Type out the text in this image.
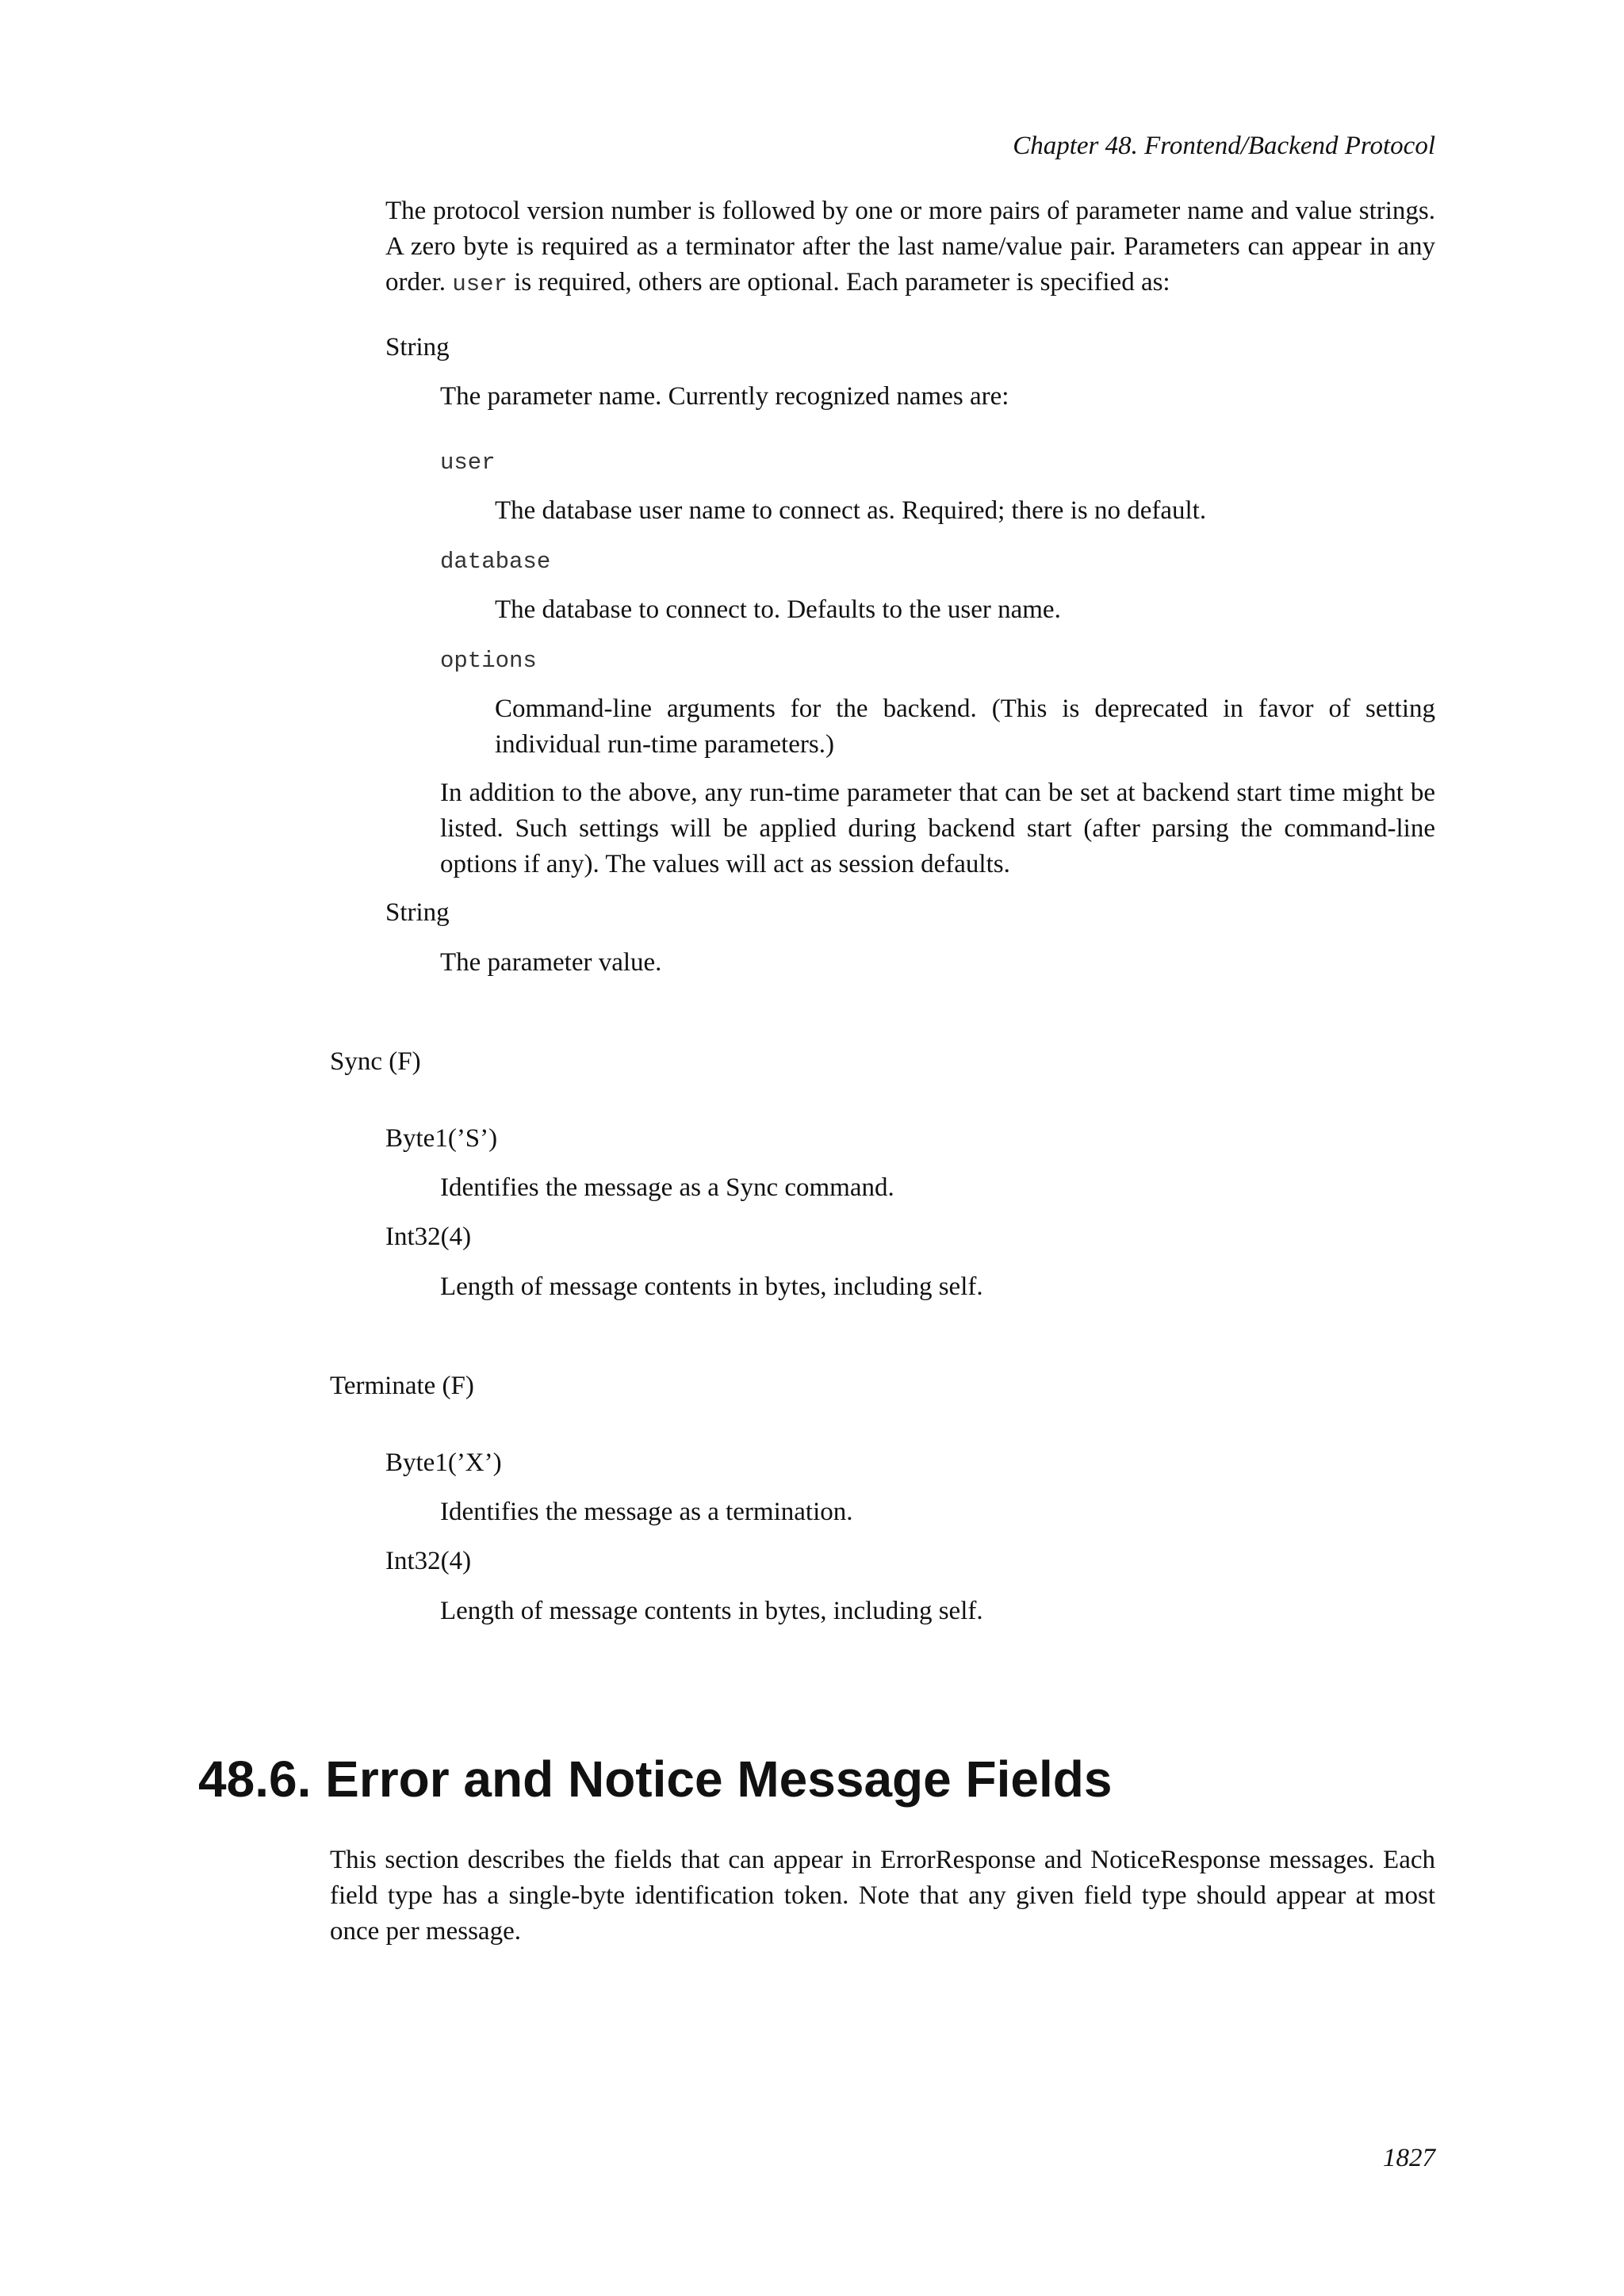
Chapter 48. Frontend/Backend Protocol

The protocol version number is followed by one or more pairs of parameter name and value strings. A zero byte is required as a terminator after the last name/value pair. Parameters can appear in any order. user is required, others are optional. Each parameter is specified as:

String
The parameter name. Currently recognized names are:
user
The database user name to connect as. Required; there is no default.
database
The database to connect to. Defaults to the user name.
options

Command-line arguments for the backend. (This is deprecated in favor of setting individual run-time parameters.)

In addition to the above, any run-time parameter that can be set at backend start time might be listed. Such settings will be applied during backend start (after parsing the command-line options if any). The values will act as session defaults.

String
The parameter value.
Sync (F)
Byte1(’S’)
Identifies the message as a Sync command.
Int32(4)
Length of message contents in bytes, including self.
Terminate (F)
Byte1(’X’)
Identifies the message as a termination.
Int32(4)
Length of message contents in bytes, including self.
48.6. Error and Notice Message Fields

This section describes the fields that can appear in ErrorResponse and NoticeResponse messages. Each field type has a single-byte identification token. Note that any given field type should appear at most once per message.

1827
